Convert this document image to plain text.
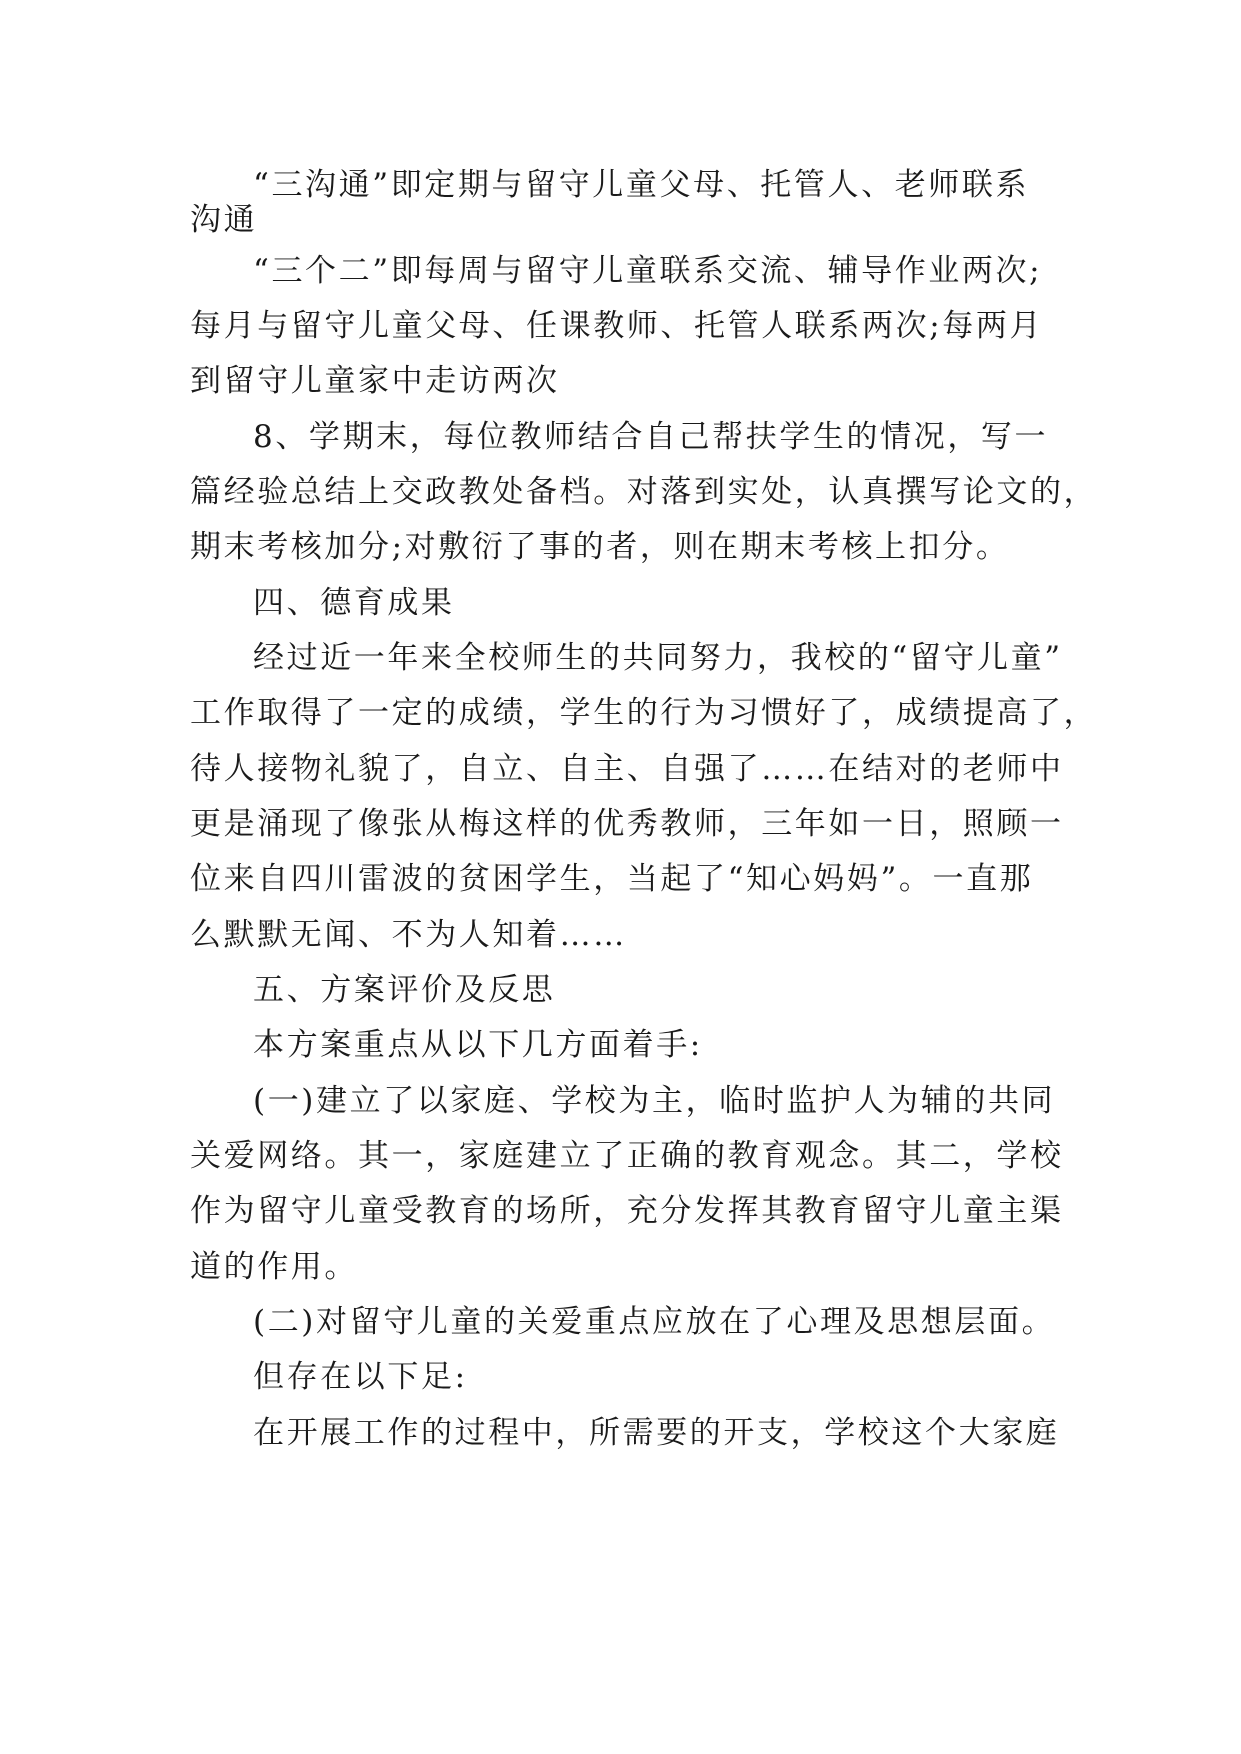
“三沟通”即定期与留守儿童父母、托管人、老师联系
沟通
“三个二”即每周与留守儿童联系交流、辅导作业两次;
每月与留守儿童父母、任课教师、托管人联系两次;每两月
到留守儿童家中走访两次
8、学期末，每位教师结合自己帮扶学生的情况，写一
篇经验总结上交政教处备档。对落到实处，认真撰写论文的，
期末考核加分;对敷衍了事的者，则在期末考核上扣分。
四、德育成果
经过近一年来全校师生的共同努力，我校的“留守儿童”
工作取得了一定的成绩，学生的行为习惯好了，成绩提高了，
待人接物礼貌了，自立、自主、自强了……在结对的老师中
更是涌现了像张从梅这样的优秀教师，三年如一日，照顾一
位来自四川雷波的贫困学生，当起了“知心妈妈”。一直那
么默默无闻、不为人知着……
五、方案评价及反思
本方案重点从以下几方面着手:
(一)建立了以家庭、学校为主，临时监护人为辅的共同
关爱网络。其一，家庭建立了正确的教育观念。其二，学校
作为留守儿童受教育的场所，充分发挥其教育留守儿童主渠
道的作用。
(二)对留守儿童的关爱重点应放在了心理及思想层面。
但存在以下足:
在开展工作的过程中，所需要的开支，学校这个大家庭
